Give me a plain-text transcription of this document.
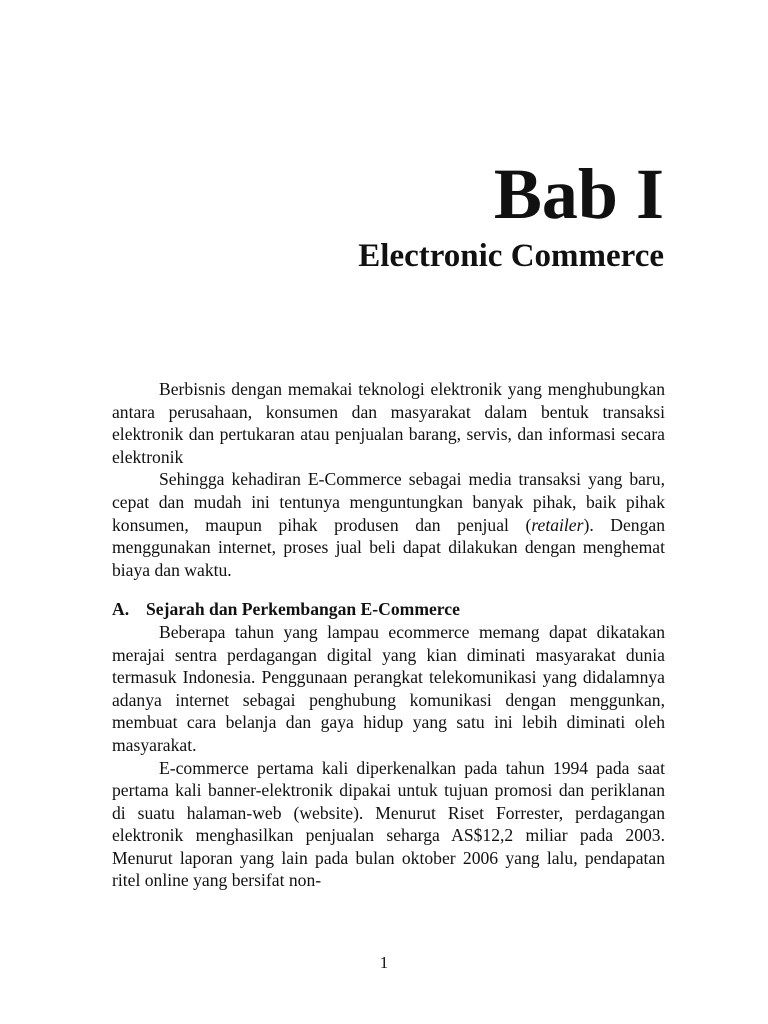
Bab I
Electronic Commerce

Berbisnis dengan memakai teknologi elektronik yang menghubungkan antara perusahaan, konsumen dan masyarakat dalam bentuk transaksi elektronik dan pertukaran atau penjualan barang, servis, dan informasi secara elektronik

Sehingga kehadiran E-Commerce sebagai media transaksi yang baru, cepat dan mudah ini tentunya menguntungkan banyak pihak, baik pihak konsumen, maupun pihak produsen dan penjual (retailer). Dengan menggunakan internet, proses jual beli dapat dilakukan dengan menghemat biaya dan waktu.

A. Sejarah dan Perkembangan E-Commerce

Beberapa tahun yang lampau ecommerce memang dapat dikatakan merajai sentra perdagangan digital yang kian diminati masyarakat dunia termasuk Indonesia. Penggunaan perangkat telekomunikasi yang didalamnya adanya internet sebagai penghubung komunikasi dengan menggunkan, membuat cara belanja dan gaya hidup yang satu ini lebih diminati oleh masyarakat.

E-commerce pertama kali diperkenalkan pada tahun 1994 pada saat pertama kali banner-elektronik dipakai untuk tujuan promosi dan periklanan di suatu halaman-web (website). Menurut Riset Forrester, perdagangan elektronik menghasilkan penjualan seharga AS$12,2 miliar pada 2003. Menurut laporan yang lain pada bulan oktober 2006 yang lalu, pendapatan ritel online yang bersifat non-

1
